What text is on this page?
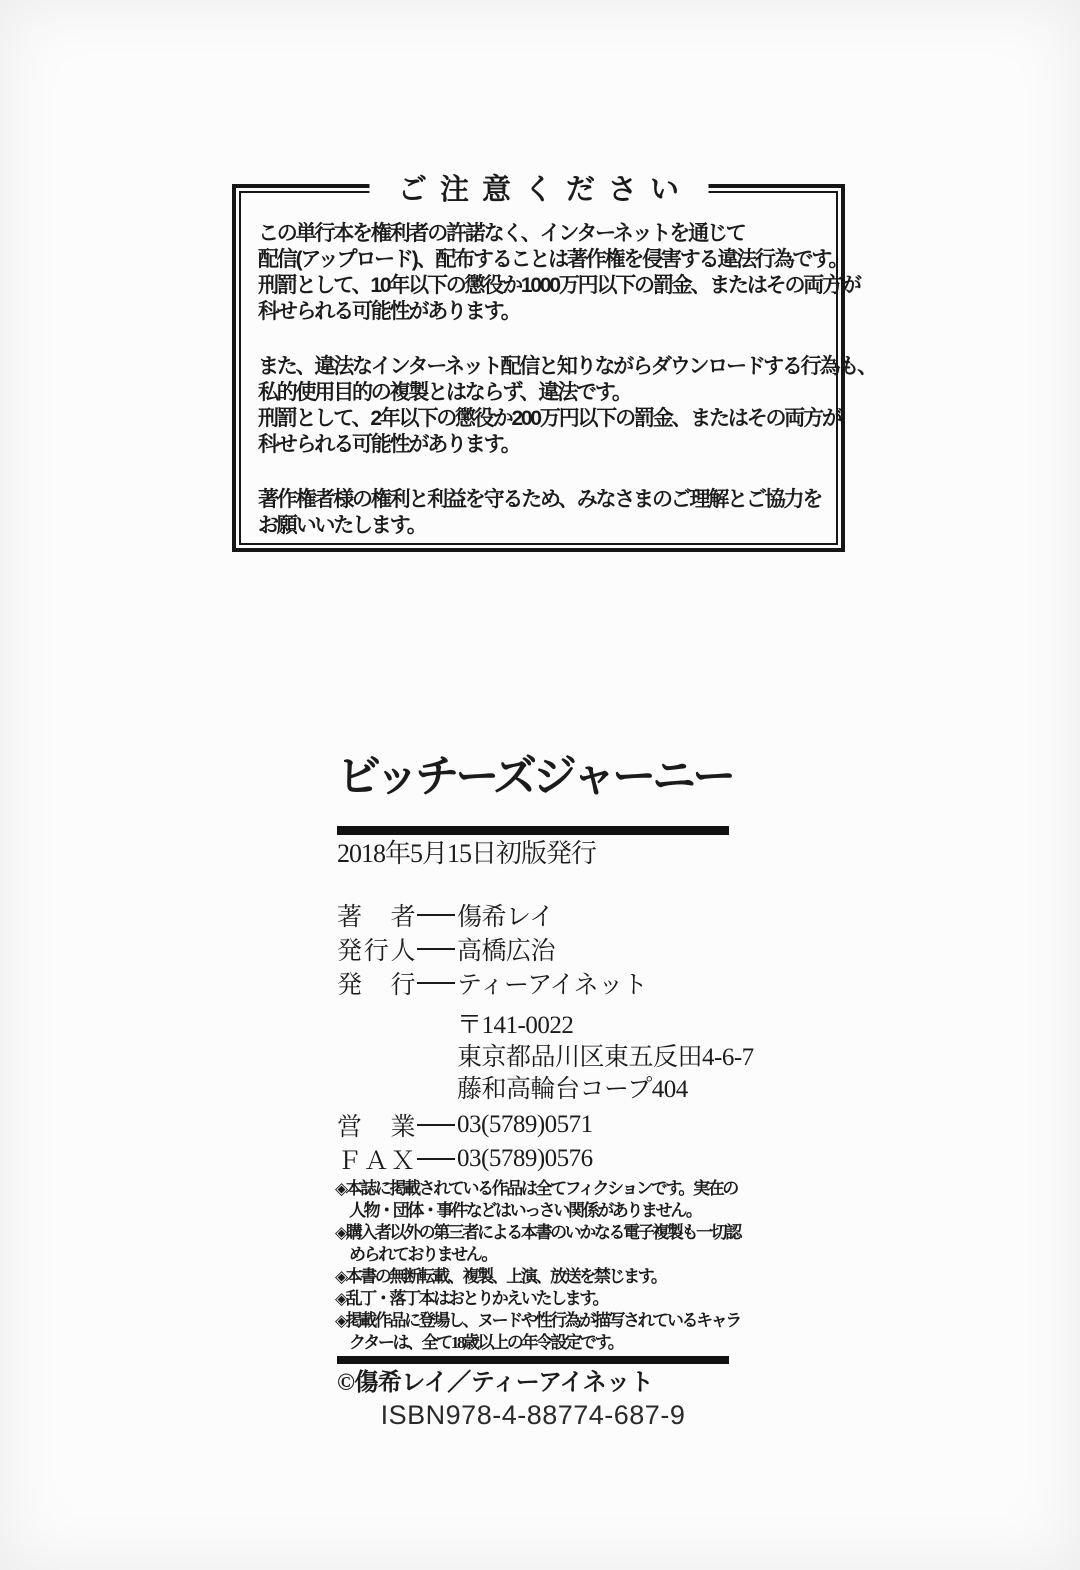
ご注意ください

この単行本を権利者の許諾なく、インターネットを通じて
配信(アップロード)、配布することは著作権を侵害する違法行為です。
刑罰として、10年以下の懲役か1000万円以下の罰金、またはその両方が
科せられる可能性があります。

また、違法なインターネット配信と知りながらダウンロードする行為も、
私的使用目的の複製とはならず、違法です。
刑罰として、2年以下の懲役か200万円以下の罰金、またはその両方が
科せられる可能性があります。

著作権者様の権利と利益を守るため、みなさまのご理解とご協力を
お願いいたします。

ビッチーズジャーニー
2018年5月15日初版発行
著　者 傷希レイ
発行人 高橋広治
発　行 ティーアイネット
〒141-0022
東京都品川区東五反田4-6-7
藤和高輪台コープ404
営　業 03(5789)0571
ＦＡＸ 03(5789)0576
◈本誌に掲載されている作品は全てフィクションです。実在の人物・団体・事件などはいっさい関係がありません。
◈購入者以外の第三者による本書のいかなる電子複製も一切認められておりません。
◈本書の無断転載、複製、上演、放送を禁じます。
◈乱丁・落丁本はおとりかえいたします。
◈掲載作品に登場し、ヌードや性行為が描写されているキャラクターは、全て18歳以上の年令設定です。
©傷希レイ／ティーアイネット
ISBN978-4-88774-687-9
